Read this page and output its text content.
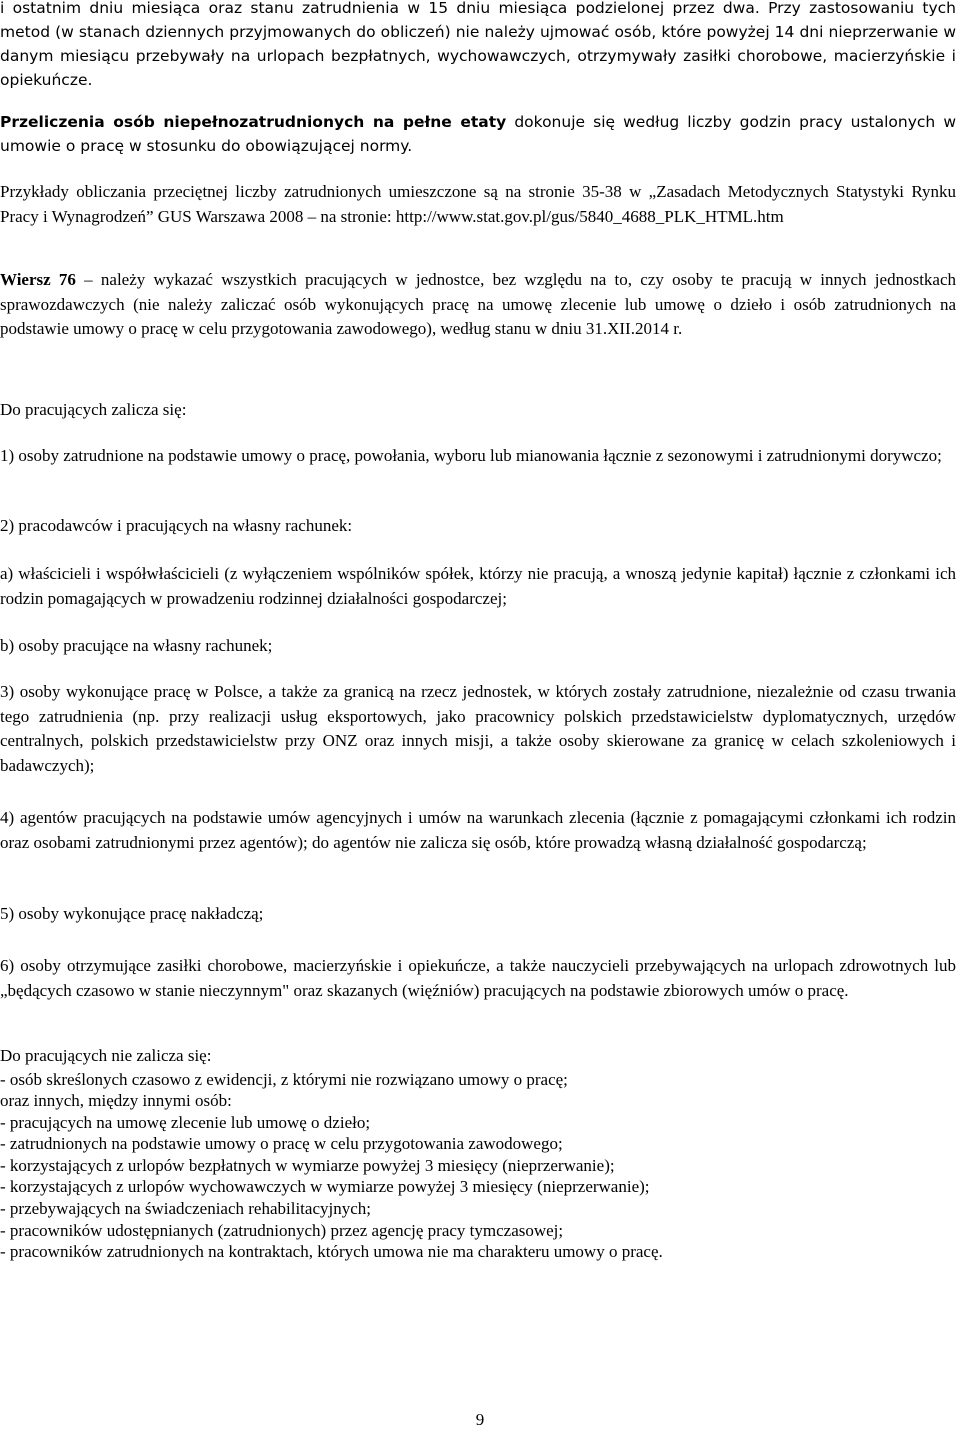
i ostatnim dniu miesiąca oraz stanu zatrudnienia w 15 dniu miesiąca podzielonej przez dwa. Przy zastosowaniu tych metod (w stanach dziennych przyjmowanych do obliczeń) nie należy ujmować osób, które powyżej 14 dni nieprzerwanie w danym miesiącu przebywały na urlopach bezpłatnych, wychowawczych, otrzymywały zasiłki chorobowe, macierzyńskie i opiekuńcze.

Przeliczenia osób niepełnozatrudnionych na pełne etaty dokonuje się według liczby godzin pracy ustalonych w umowie o pracę w stosunku do obowiązującej normy.

Przykłady obliczania przeciętnej liczby zatrudnionych umieszczone są na stronie 35-38 w „Zasadach Metodycznych Statystyki Rynku Pracy i Wynagrodzeń” GUS Warszawa 2008 – na stronie: http://www.stat.gov.pl/gus/5840_4688_PLK_HTML.htm

Wiersz 76 – należy wykazać wszystkich pracujących w jednostce, bez względu na to, czy osoby te pracują w innych jednostkach sprawozdawczych (nie należy zaliczać osób wykonujących pracę na umowę zlecenie lub umowę o dzieło i osób zatrudnionych na podstawie umowy o pracę w celu przygotowania zawodowego), według stanu w dniu 31.XII.2014 r.

Do pracujących zalicza się:

1) osoby zatrudnione na podstawie umowy o pracę, powołania, wyboru lub mianowania łącznie z sezonowymi i zatrudnionymi dorywczo;

2) pracodawców i pracujących na własny rachunek:

a) właścicieli i współwłaścicieli (z wyłączeniem wspólników spółek, którzy nie pracują, a wnoszą jedynie kapitał) łącznie z członkami ich rodzin pomagających w prowadzeniu rodzinnej działalności gospodarczej;

b) osoby pracujące na własny rachunek;

3) osoby wykonujące pracę w Polsce, a także za granicą na rzecz jednostek, w których zostały zatrudnione, niezależnie od czasu trwania tego zatrudnienia (np. przy realizacji usług eksportowych, jako pracownicy polskich przedstawicielstw dyplomatycznych, urzędów centralnych, polskich przedstawicielstw przy ONZ oraz innych misji, a także osoby skierowane za granicę w celach szkoleniowych i badawczych);

4) agentów pracujących na podstawie umów agencyjnych i umów na warunkach zlecenia (łącznie z pomagającymi członkami ich rodzin oraz osobami zatrudnionymi przez agentów); do agentów nie zalicza się osób, które prowadzą własną działalność gospodarczą;

5) osoby wykonujące pracę nakładczą;

6) osoby otrzymujące zasiłki chorobowe, macierzyńskie i opiekuńcze, a także nauczycieli przebywających na urlopach zdrowotnych lub „będących czasowo w stanie nieczynnym" oraz skazanych (więźniów) pracujących na podstawie zbiorowych umów o pracę.

Do pracujących nie zalicza się:

- osób skreślonych czasowo z ewidencji, z którymi nie rozwiązano umowy o pracę;
oraz innych, między innymi osób:
- pracujących na umowę zlecenie lub umowę o dzieło;
- zatrudnionych na podstawie umowy o pracę w celu przygotowania zawodowego;
- korzystających z urlopów bezpłatnych w wymiarze powyżej 3 miesięcy (nieprzerwanie);
- korzystających z urlopów wychowawczych w wymiarze powyżej 3 miesięcy (nieprzerwanie);
- przebywających na świadczeniach rehabilitacyjnych;
- pracowników udostępnianych (zatrudnionych) przez agencję pracy tymczasowej;
- pracowników zatrudnionych na kontraktach, których umowa nie ma charakteru umowy o pracę.
9
